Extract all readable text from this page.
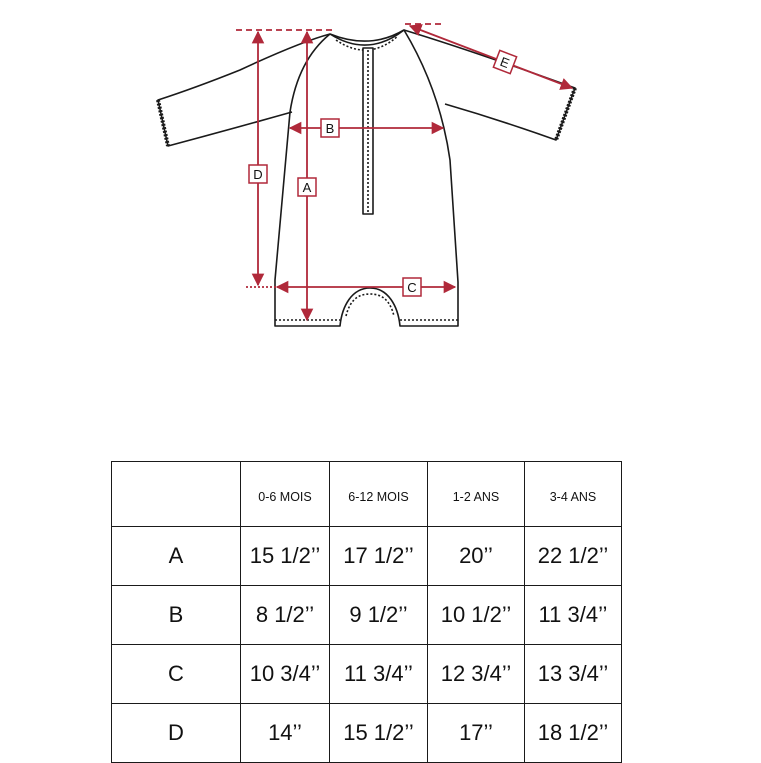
D
A
B
C
E
	0-6 MOIS	6-12 MOIS	1-2 ANS	3-4 ANS
A	15 1/2’’	17 1/2’’	20’’	22 1/2’’
B	8 1/2’’	9 1/2’’	10 1/2’’	11 3/4’’
C	10 3/4’’	11 3/4’’	12 3/4’’	13 3/4’’
D	14’’	15 1/2’’	17’’	18 1/2’’
